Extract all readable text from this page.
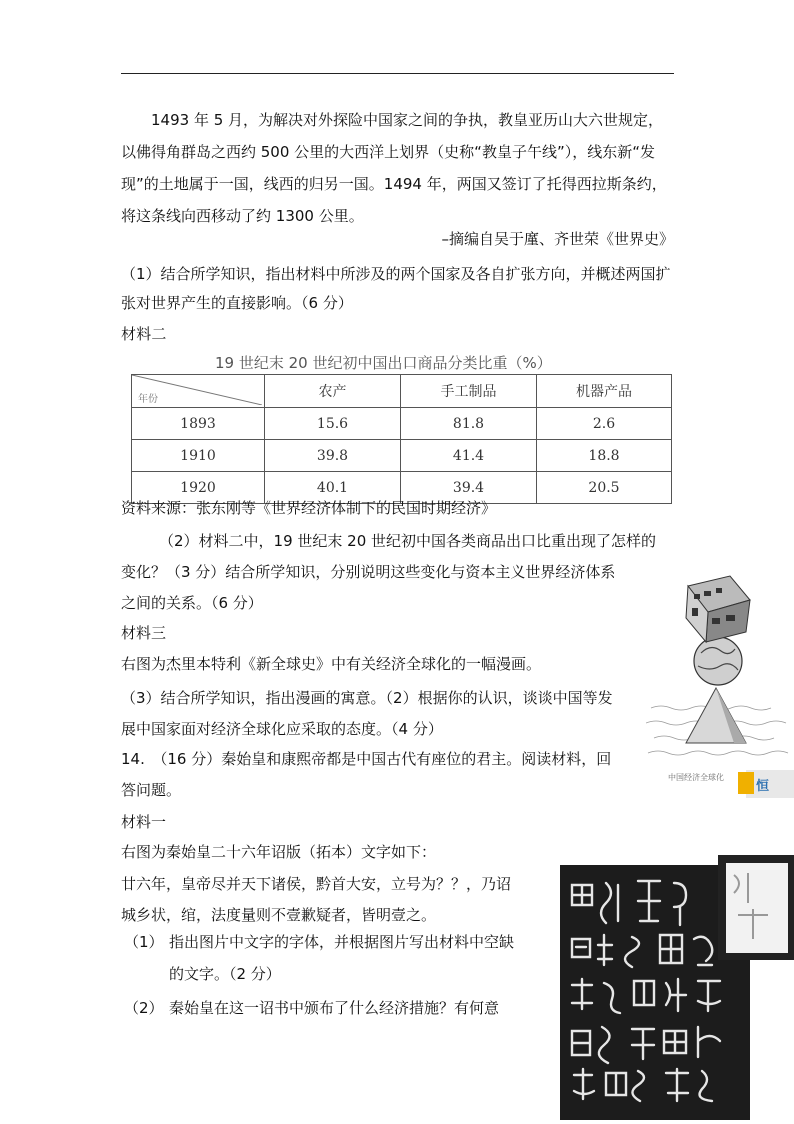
1493 年 5 月，为解决对外探险中国家之间的争执，教皇亚历山大六世规定，以佛得角群岛之西约 500 公里的大西洋上划界（史称“教皇子午线”），线东新“发现”的土地属于一国，线西的归另一国。1494 年，两国又签订了托得西拉斯条约，将这条线向西移动了约 1300 公里。
–摘编自吴于廑、齐世荣《世界史》
（1）结合所学知识，指出材料中所涉及的两个国家及各自扩张方向，并概述两国扩张对世界产生的直接影响。（6 分）
材料二
19 世纪末 20 世纪初中国出口商品分类比重（%）
年份	农产	手工制品	机器产品
1893	15.6	81.8	2.6
1910	39.8	41.4	18.8
1920	40.1	39.4	20.5
资料来源：张东刚等《世界经济体制下的民国时期经济》
（2）材料二中，19 世纪末 20 世纪初中国各类商品出口比重出现了怎样的
变化？（3 分）结合所学知识，分别说明这些变化与资本主义世界经济体系
之间的关系。（6 分）
材料三
右图为杰里本特利《新全球史》中有关经济全球化的一幅漫画。
（3）结合所学知识，指出漫画的寓意。（2）根据你的认识，谈谈中国等发
展中国家面对经济全球化应采取的态度。（4 分）
14.　（16 分）秦始皇和康熙帝都是中国古代有座位的君主。阅读材料，回
答问题。
材料一
右图为秦始皇二十六年诏版（拓本）文字如下：
廿六年，皇帝尽并天下诸侯，黔首大安，立号为？？，乃诏
城乡状，绾，法度量则不壹歉疑者，皆明壹之。
（1） 指出图片中文字的字体，并根据图片写出材料中空缺
的文字。（2 分）
（2） 秦始皇在这一诏书中颁布了什么经济措施？有何意
恒
中国经济全球化
